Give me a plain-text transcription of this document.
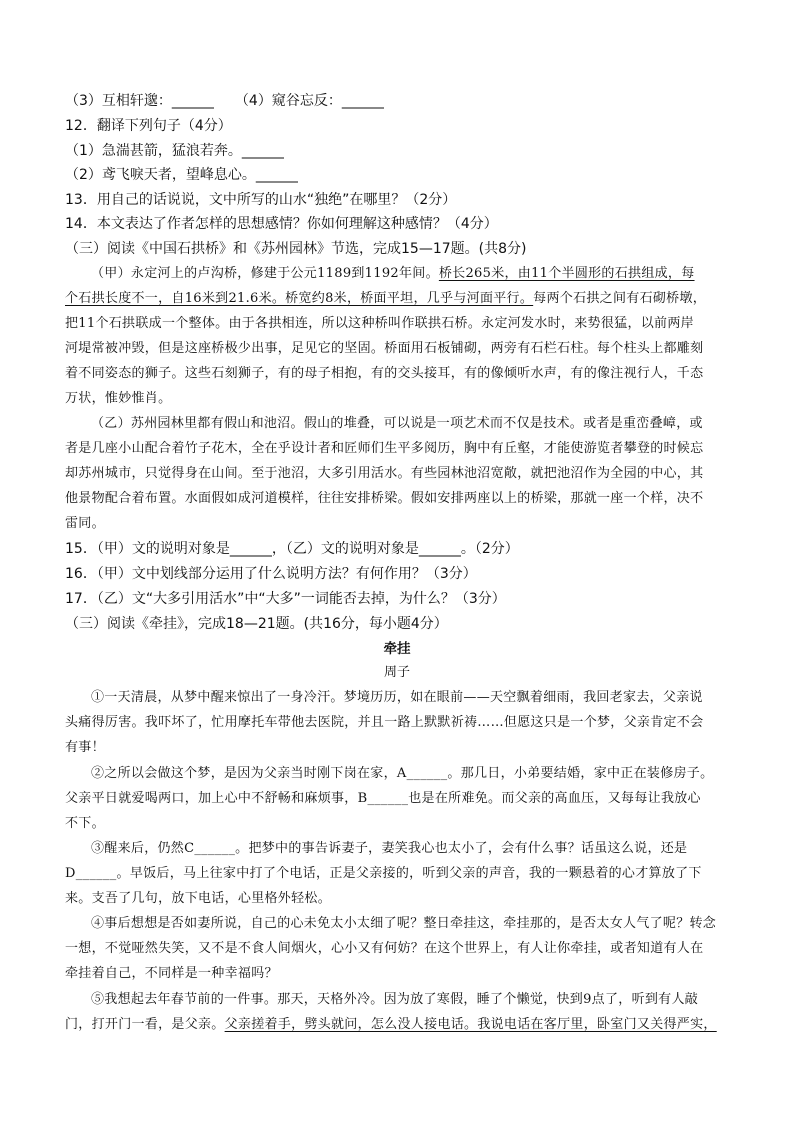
（3）互相轩邈：______　　（4）窥谷忘反：______
12．翻译下列句子（4分）
（1）急湍甚箭，猛浪若奔。______
（2）鸢飞唳天者，望峰息心。______
13．用自己的话说说，文中所写的山水“独绝”在哪里？（2分）
14．本文表达了作者怎样的思想感情？你如何理解这种感情？（4分）
（三）阅读《中国石拱桥》和《苏州园林》节选，完成15—17题。(共8分)
（甲）永定河上的卢沟桥，修建于公元1189到1192年间。桥长265米，由11个半圆形的石拱组成，每
个石拱长度不一，自16米到21.6米。桥宽约8米，桥面平坦，几乎与河面平行。每两个石拱之间有石砌桥墩，
把11个石拱联成一个整体。由于各拱相连，所以这种桥叫作联拱石桥。永定河发水时，来势很猛，以前两岸
河堤常被冲毁，但是这座桥极少出事，足见它的坚固。桥面用石板铺砌，两旁有石栏石柱。每个柱头上都雕刻
着不同姿态的狮子。这些石刻狮子，有的母子相抱，有的交头接耳，有的像倾听水声，有的像注视行人，千态
万状，惟妙惟肖。
（乙）苏州园林里都有假山和池沼。假山的堆叠，可以说是一项艺术而不仅是技术。或者是重峦叠嶂，或
者是几座小山配合着竹子花木，全在乎设计者和匠师们生平多阅历，胸中有丘壑，才能使游览者攀登的时候忘
却苏州城市，只觉得身在山间。至于池沼，大多引用活水。有些园林池沼宽敞，就把池沼作为全园的中心，其
他景物配合着布置。水面假如成河道模样，往往安排桥梁。假如安排两座以上的桥梁，那就一座一个样，决不
雷同。
15．（甲）文的说明对象是______，（乙）文的说明对象是______。（2分）
16．（甲）文中划线部分运用了什么说明方法？有何作用？（3分）
17．（乙）文“大多引用活水”中“大多”一词能否去掉，为什么？（3分）
（三）阅读《牵挂》，完成18—21题。(共16分，每小题4分）
牵挂
周子
①一天清晨，从梦中醒来惊出了一身冷汗。梦境历历，如在眼前——天空飘着细雨，我回老家去，父亲说
头痛得厉害。我吓坏了，忙用摩托车带他去医院，并且一路上默默祈祷……但愿这只是一个梦，父亲肯定不会
有事！
②之所以会做这个梦，是因为父亲当时刚下岗在家，A______。那几日，小弟要结婚，家中正在装修房子。
父亲平日就爱喝两口，加上心中不舒畅和麻烦事，B______也是在所难免。而父亲的高血压，又每每让我放心
不下。
③醒来后，仍然C______。把梦中的事告诉妻子，妻笑我心也太小了，会有什么事？话虽这么说，还是
D______。早饭后，马上往家中打了个电话，正是父亲接的，听到父亲的声音，我的一颗悬着的心才算放了下
来。支吾了几句，放下电话，心里格外轻松。
④事后想想是否如妻所说，自己的心未免太小太细了呢？整日牵挂这，牵挂那的，是否太女人气了呢？转念
一想，不觉哑然失笑，又不是不食人间烟火，心小又有何妨？在这个世界上，有人让你牵挂，或者知道有人在
牵挂着自己，不同样是一种幸福吗？
⑤我想起去年春节前的一件事。那天，天格外冷。因为放了寒假，睡了个懒觉，快到9点了，听到有人敲
门，打开门一看，是父亲。父亲搓着手，劈头就问，怎么没人接电话。我说电话在客厅里，卧室门又关得严实，
